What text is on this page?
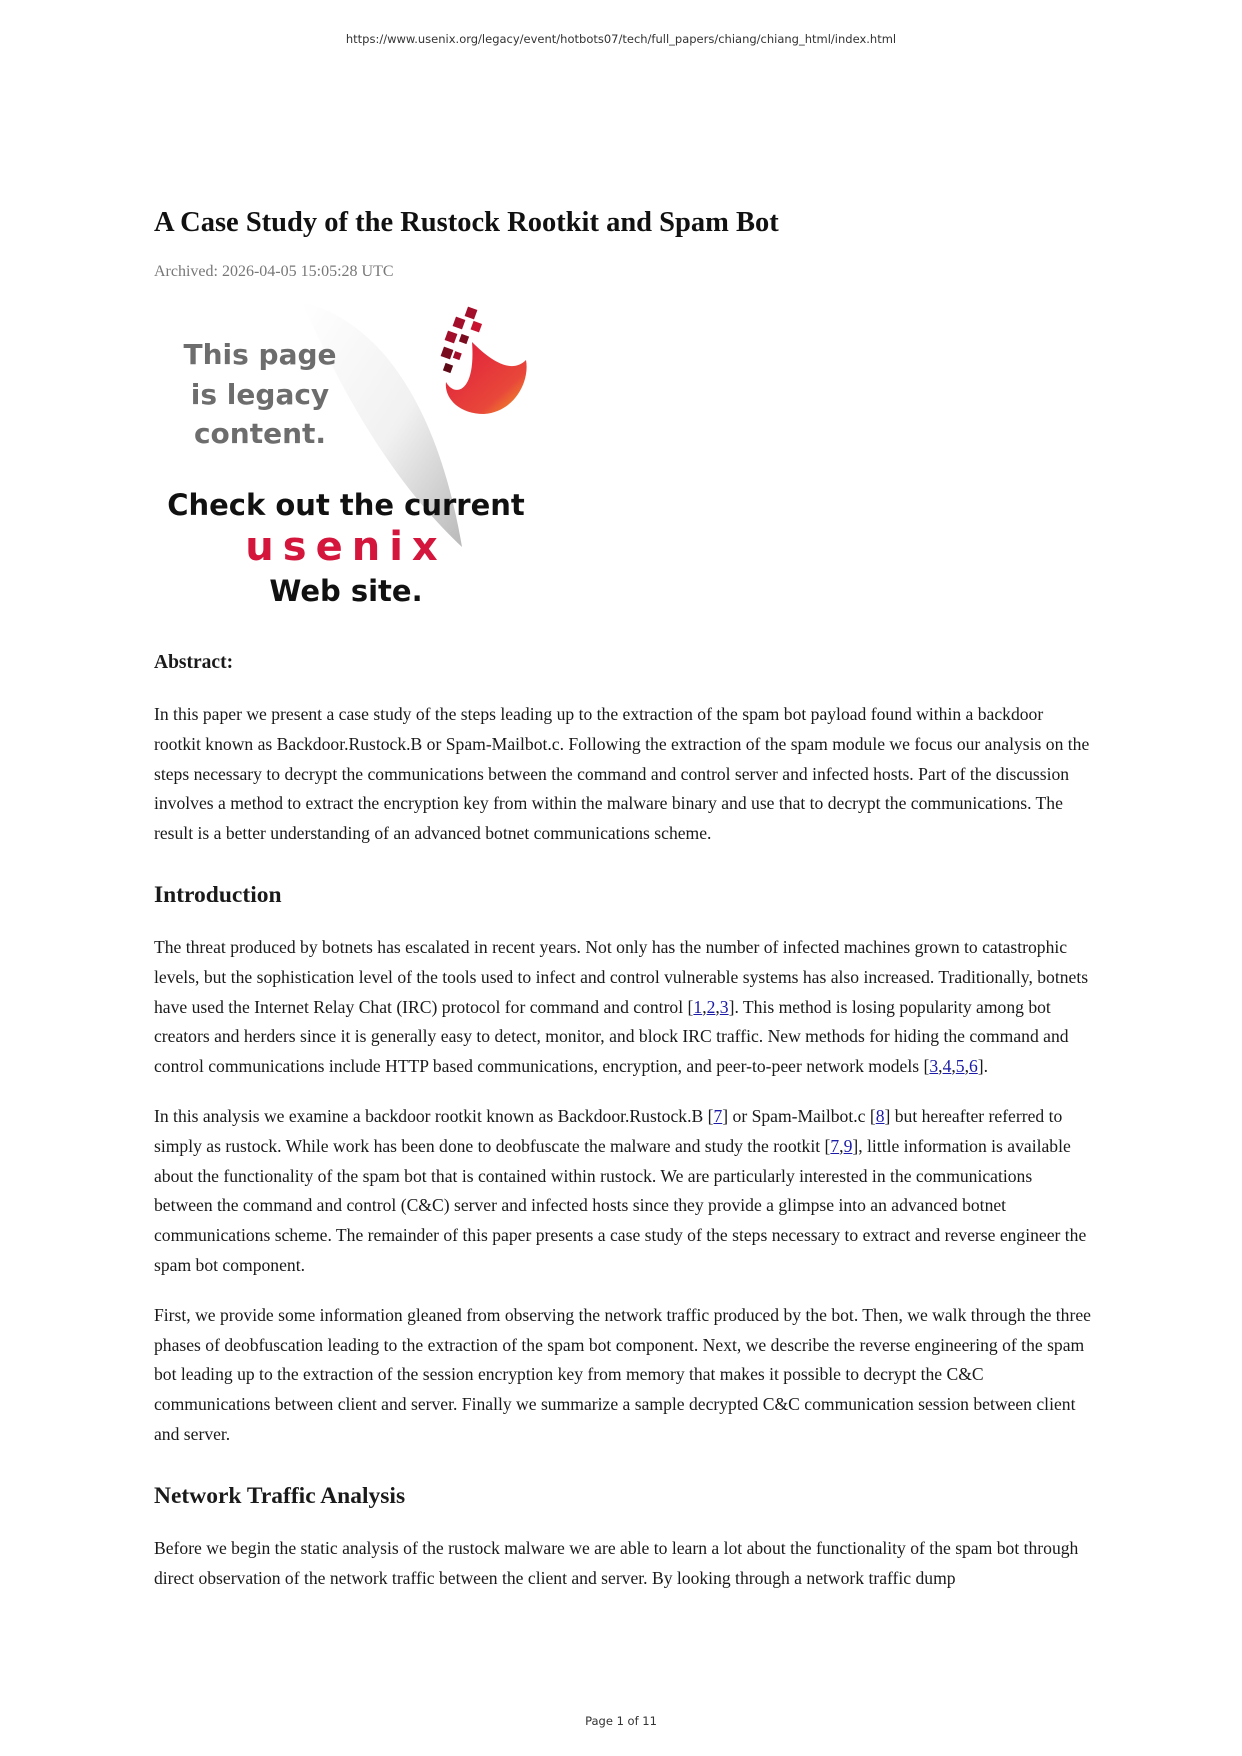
https://www.usenix.org/legacy/event/hotbots07/tech/full_papers/chiang/chiang_html/index.html
A Case Study of the Rustock Rootkit and Spam Bot
Archived: 2026-04-05 15:05:28 UTC
This page
is legacy
content.
Check out the current
usenix
Web site.
Abstract:

In this paper we present a case study of the steps leading up to the extraction of the spam bot payload found within a backdoor rootkit known as Backdoor.Rustock.B or Spam-Mailbot.c. Following the extraction of the spam module we focus our analysis on the steps necessary to decrypt the communications between the command and control server and infected hosts. Part of the discussion involves a method to extract the encryption key from within the malware binary and use that to decrypt the communications. The result is a better understanding of an advanced botnet communications scheme.

Introduction

The threat produced by botnets has escalated in recent years. Not only has the number of infected machines grown to catastrophic levels, but the sophistication level of the tools used to infect and control vulnerable systems has also increased. Traditionally, botnets have used the Internet Relay Chat (IRC) protocol for command and control [1,2,3]. This method is losing popularity among bot creators and herders since it is generally easy to detect, monitor, and block IRC traffic. New methods for hiding the command and control communications include HTTP based communications, encryption, and peer-to-peer network models [3,4,5,6].

In this analysis we examine a backdoor rootkit known as Backdoor.Rustock.B [7] or Spam-Mailbot.c [8] but hereafter referred to simply as rustock. While work has been done to deobfuscate the malware and study the rootkit [7,9], little information is available about the functionality of the spam bot that is contained within rustock. We are particularly interested in the communications between the command and control (C&C) server and infected hosts since they provide a glimpse into an advanced botnet communications scheme. The remainder of this paper presents a case study of the steps necessary to extract and reverse engineer the spam bot component.

First, we provide some information gleaned from observing the network traffic produced by the bot. Then, we walk through the three phases of deobfuscation leading to the extraction of the spam bot component. Next, we describe the reverse engineering of the spam bot leading up to the extraction of the session encryption key from memory that makes it possible to decrypt the C&C communications between client and server. Finally we summarize a sample decrypted C&C communication session between client and server.

Network Traffic Analysis

Before we begin the static analysis of the rustock malware we are able to learn a lot about the functionality of the spam bot through direct observation of the network traffic between the client and server. By looking through a network traffic dump

Page 1 of 11
